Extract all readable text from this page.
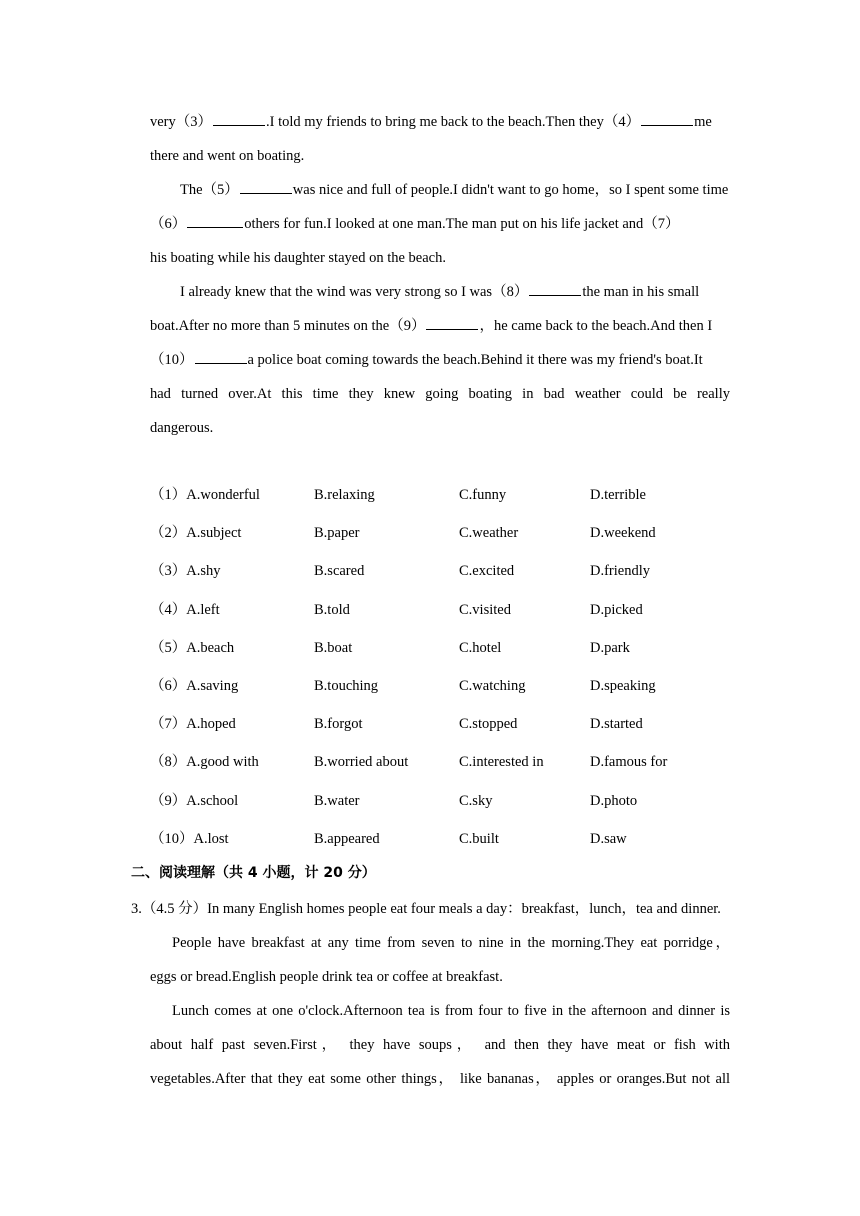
very（3）	.I told my friends to bring me back to the beach.Then they（4）	me
there and went on boating.
The（5）	was nice and full of people.I didn't want to go home，so I spent some time
（6）	others for fun.I looked at one man.The man put on his life jacket and（7）
his boating while his daughter stayed on the beach.
I already knew that the wind was very strong so I was（8）	the man in his small
boat.After no more than 5 minutes on the（9）	，he came back to the beach.And then I
（10）	a police boat coming towards the beach.Behind it there was my friend's boat.It
had turned over.At this time they knew going boating in bad weather could be really
dangerous.
（1）A.wonderful	B.relaxing	C.funny	D.terrible
（2）A.subject	B.paper	C.weather	D.weekend
（3）A.shy	B.scared	C.excited	D.friendly
（4）A.left	B.told	C.visited	D.picked
（5）A.beach	B.boat	C.hotel	D.park
（6）A.saving	B.touching	C.watching	D.speaking
（7）A.hoped	B.forgot	C.stopped	D.started
（8）A.good with	B.worried about	C.interested in	D.famous for
（9）A.school	B.water	C.sky	D.photo
（10）A.lost	B.appeared	C.built	D.saw
二、阅读理解（共 4 小题，计 20 分）
3.（4.5 分）In many English homes people eat four meals a day：breakfast，lunch，tea and dinner.
People have breakfast at any time from seven to nine in the morning.They eat porridge，
eggs or bread.English people drink tea or coffee at breakfast.
Lunch comes at one o'clock.Afternoon tea is from four to five in the afternoon and dinner is
about half past seven.First， they have soups， and then they have meat or fish with
vegetables.After that they eat some other things， like bananas， apples or oranges.But not all
